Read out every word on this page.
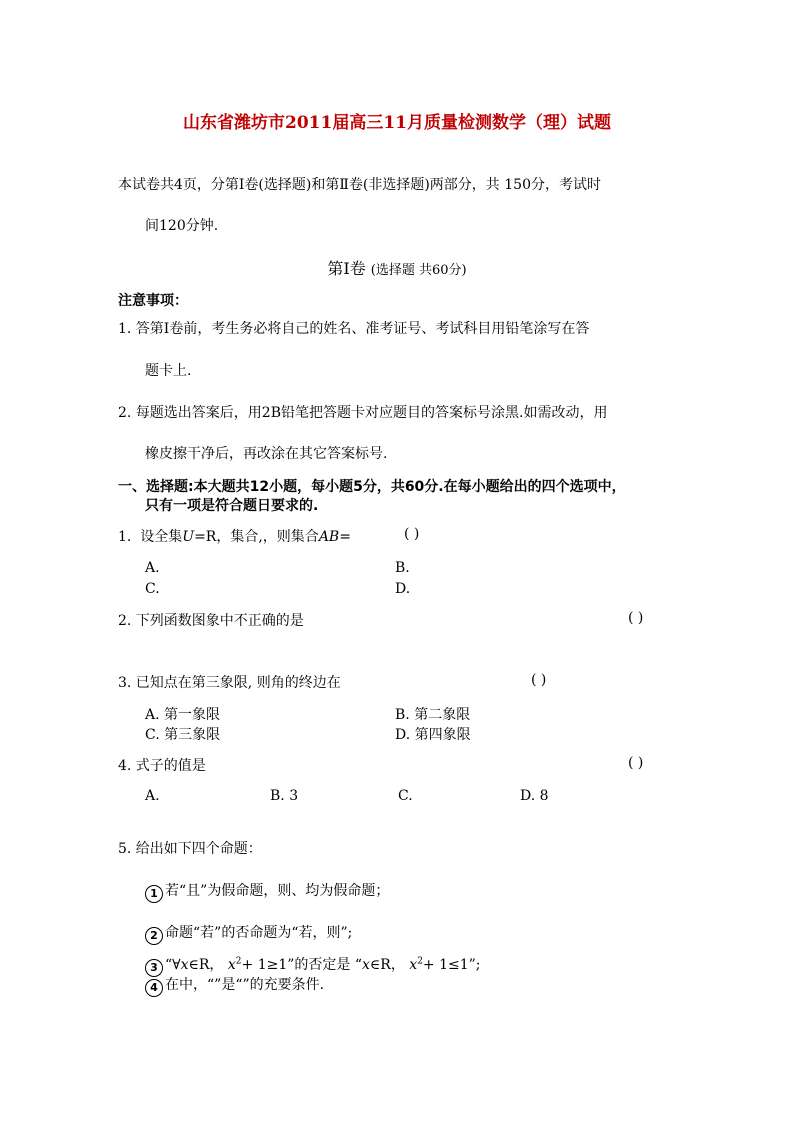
山东省潍坊市2011届高三11月质量检测数学（理）试题
本试卷共4页，分第Ⅰ卷(选择题)和第Ⅱ卷(非选择题)两部分，共 150分，考试时
间120分钟.
第Ⅰ卷 (选择题 共60分)
注意事项：
1. 答第Ⅰ卷前，考生务必将自己的姓名、准考证号、考试科目用铅笔涂写在答
题卡上.
2. 每题选出答案后，用2B铅笔把答题卡对应题目的答案标号涂黑.如需改动，用
橡皮擦干净后，再改涂在其它答案标号.
一、选择题:本大题共12小题，每小题5分，共60分.在每小题给出的四个选项中，
只有一项是符合题日要求的.
1. 设全集U=R，集合,，则集合AB=	( )
A.	B.
C.	D.
2. 下列函数图象中不正确的是	( )
3. 已知点在第三象限, 则角的终边在	( )
A. 第一象限	B. 第二象限
C. 第三象限	D. 第四象限
4. 式子的值是	( )
A.	B. 3	C.	D. 8
5. 给出如下四个命题：
1 若“且”为假命题，则、均为假命题；
2 命题“若”的否命题为“若，则”;
3 “∀x∈R， $x^2+ 1\ge 1$”的否定是 “x∈R， $x^2+ 1\le 1$”;
4 在中，“”是“”的充要条件.
